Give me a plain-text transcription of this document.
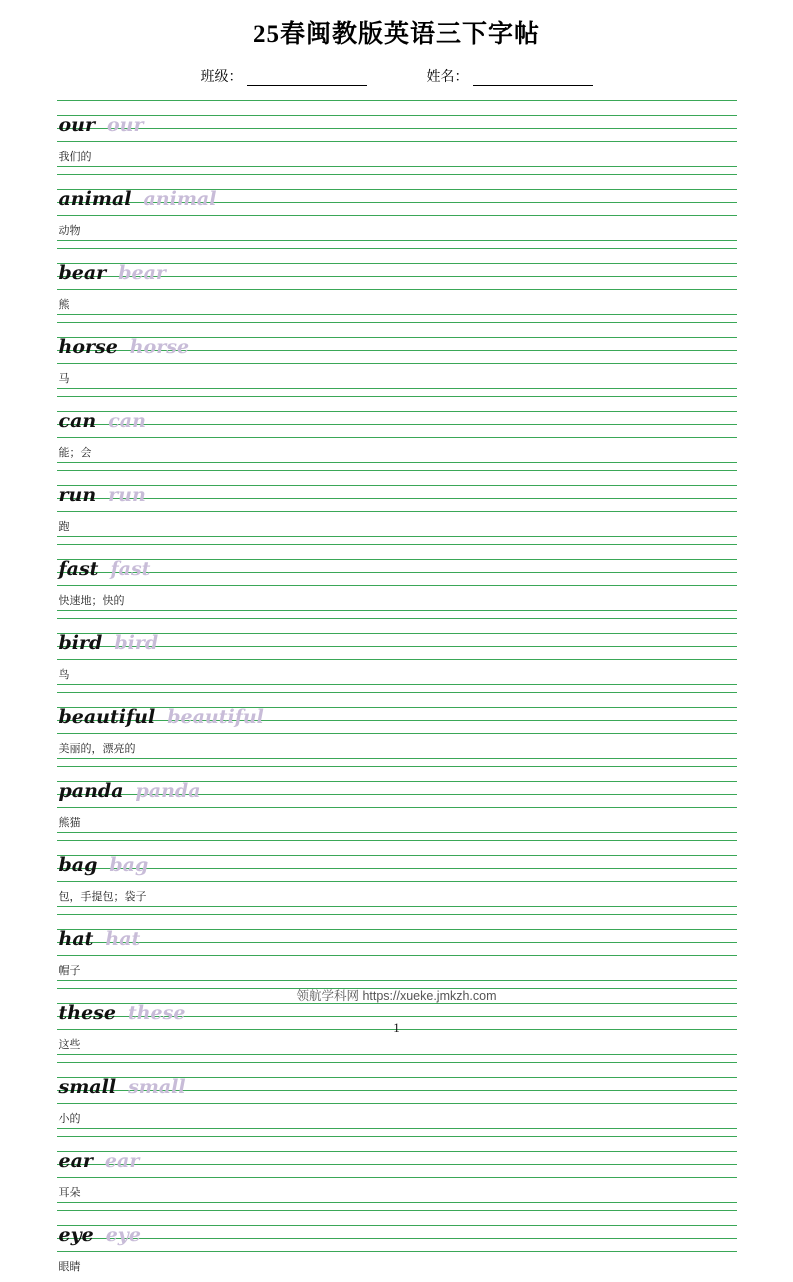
25春闽教版英语三下字帖
班级：	姓名：
our our
我们的
animal animal
动物
bear bear
熊
horse horse
马
can can
能；会
run run
跑
fast fast
快速地；快的
bird bird
鸟
beautiful beautiful
美丽的，漂亮的
panda panda
熊猫
bag bag
包，手提包；袋子
hat hat
帽子
these these
这些
small small
小的
ear ear
耳朵
eye eye
眼睛
领航学科网 https://xueke.jmkzh.com
1
